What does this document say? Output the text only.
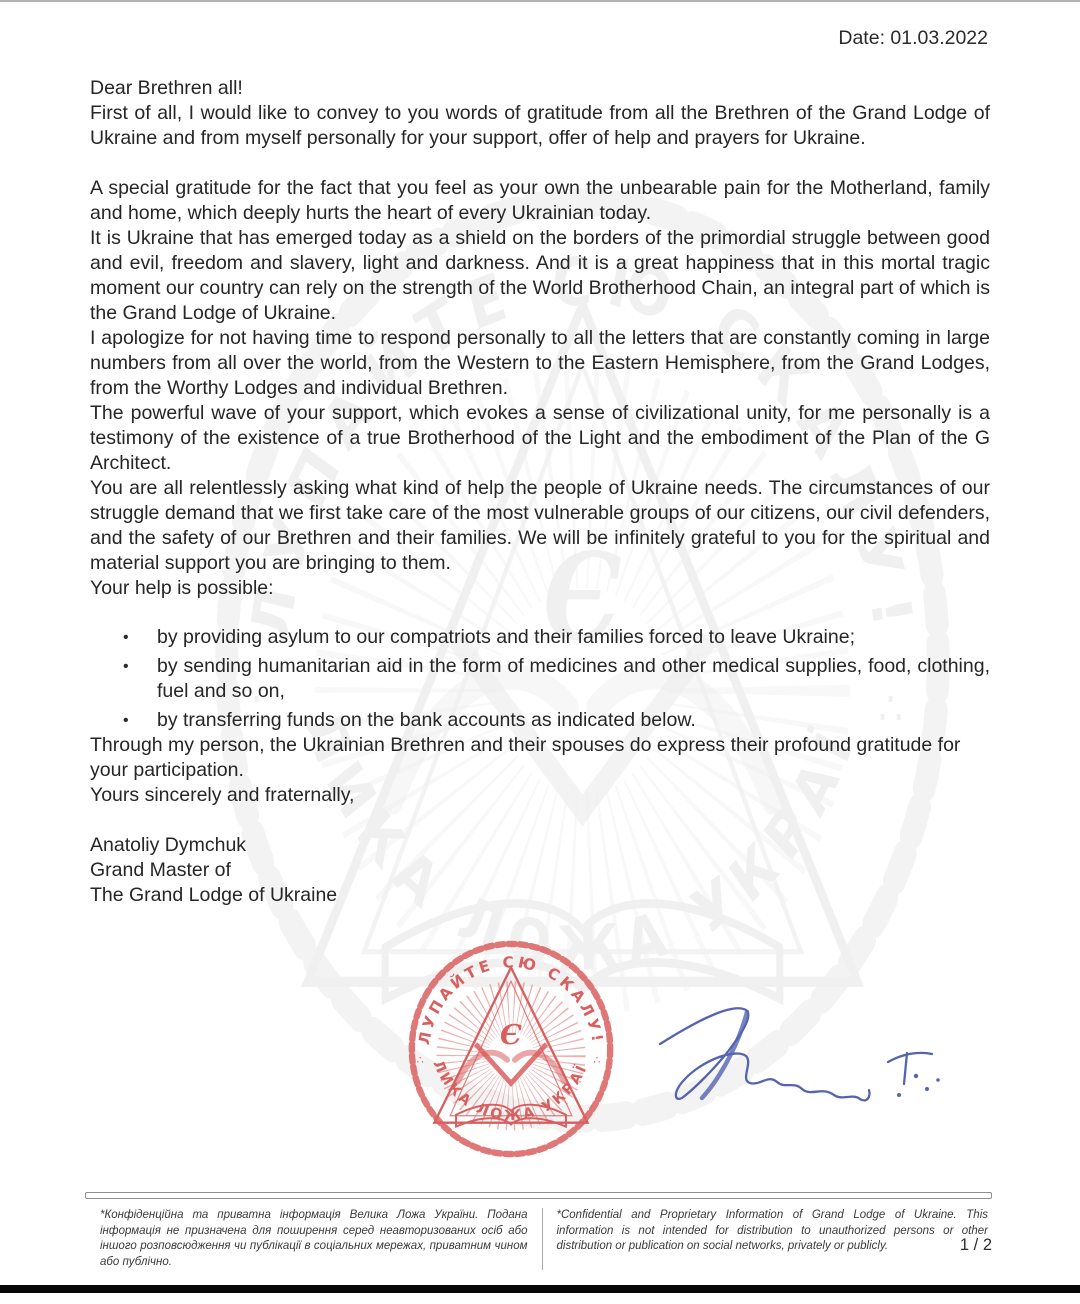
Date: 01.03.2022

Dear Brethren all!

First of all, I would like to convey to you words of gratitude from all the Brethren of the Grand Lodge of Ukraine and from myself personally for your support, offer of help and prayers for Ukraine.

A special gratitude for the fact that you feel as your own the unbearable pain for the Motherland, family and home, which deeply hurts the heart of every Ukrainian today.

It is Ukraine that has emerged today as a shield on the borders of the primordial struggle between good and evil, freedom and slavery, light and darkness. And it is a great happiness that in this mortal tragic moment our country can rely on the strength of the World Brotherhood Chain, an integral part of which is the Grand Lodge of Ukraine.

I apologize for not having time to respond personally to all the letters that are constantly coming in large numbers from all over the world, from the Western to the Eastern Hemisphere, from the Grand Lodges, from the Worthy Lodges and individual Brethren.

The powerful wave of your support, which evokes a sense of civilizational unity, for me personally is a testimony of the existence of a true Brotherhood of the Light and the embodiment of the Plan of the G Architect.

You are all relentlessly asking what kind of help the people of Ukraine needs. The circumstances of our struggle demand that we first take care of the most vulnerable groups of our citizens, our civil defenders, and the safety of our Brethren and their families. We will be infinitely grateful to you for the spiritual and material support you are bringing to them.

Your help is possible:

• by providing asylum to our compatriots and their families forced to leave Ukraine;
• by sending humanitarian aid in the form of medicines and other medical supplies, food, clothing, fuel and so on,
• by transferring funds on the bank accounts as indicated below.

Through my person, the Ukrainian Brethren and their spouses do express their profound gratitude for your participation.

Yours sincerely and fraternally,

Anatoliy Dymchuk

Grand Master of

The Grand Lodge of Ukraine

*Конфіденційна та приватна інформація Велика Ложа України. Подана інформація не призначена для поширення серед неавторизованих осіб або іншого розповсюдження чи публікації в соціальних мережах, приватним чином або публічно.
*Confidential and Proprietary Information of Grand Lodge of Ukraine. This information is not intended for distribution to unauthorized persons or other distribution or publication on social networks, privately or publicly.	1 / 2
